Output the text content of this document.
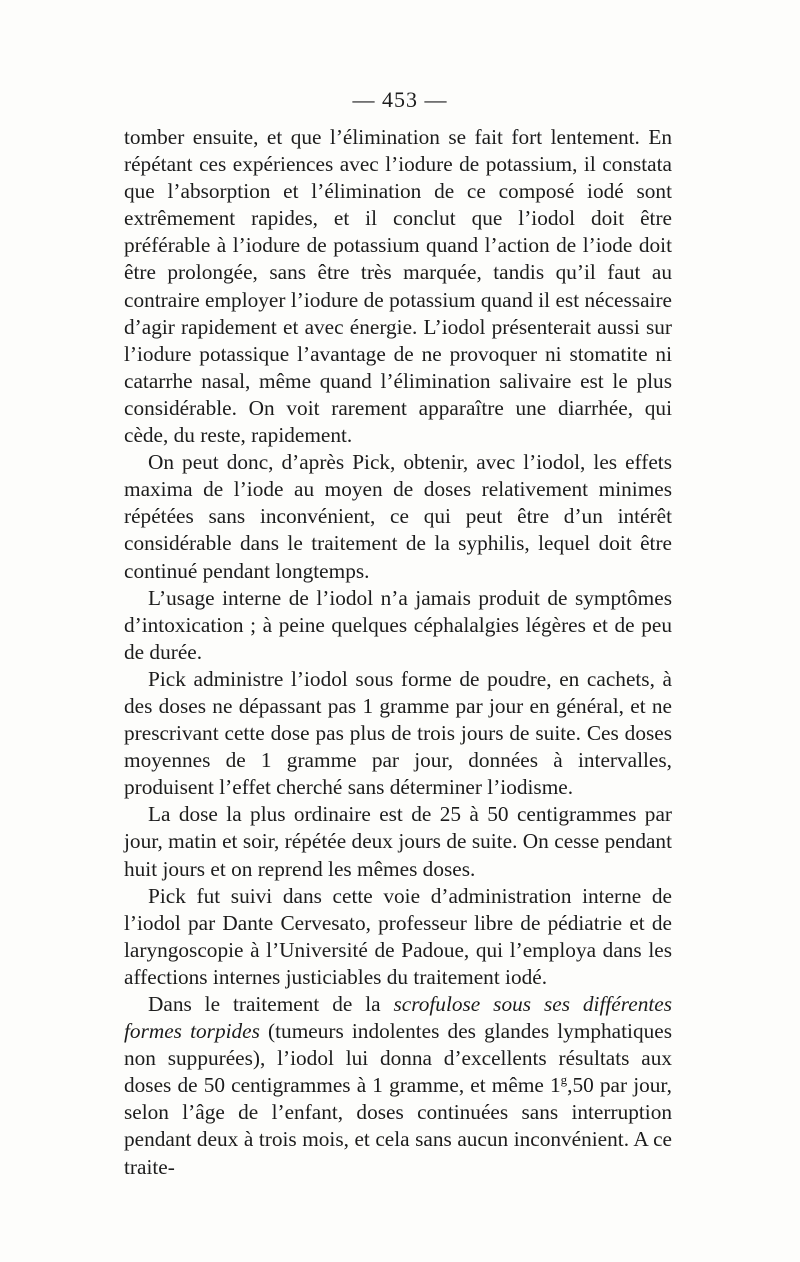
— 453 —

tomber ensuite, et que l’élimination se fait fort lentement. En répétant ces expériences avec l’iodure de potassium, il constata que l’absorption et l’élimination de ce composé iodé sont extrêmement rapides, et il conclut que l’iodol doit être préférable à l’iodure de potassium quand l’action de l’iode doit être prolongée, sans être très marquée, tandis qu’il faut au contraire employer l’iodure de potassium quand il est nécessaire d’agir rapidement et avec énergie. L’iodol présenterait aussi sur l’iodure potassique l’avantage de ne provoquer ni stomatite ni catarrhe nasal, même quand l’élimination salivaire est le plus considérable. On voit rarement apparaître une diarrhée, qui cède, du reste, rapidement.

On peut donc, d’après Pick, obtenir, avec l’iodol, les effets maxima de l’iode au moyen de doses relativement minimes répétées sans inconvénient, ce qui peut être d’un intérêt considérable dans le traitement de la syphilis, lequel doit être continué pendant longtemps.

L’usage interne de l’iodol n’a jamais produit de symptômes d’intoxication ; à peine quelques céphalalgies légères et de peu de durée.

Pick administre l’iodol sous forme de poudre, en cachets, à des doses ne dépassant pas 1 gramme par jour en général, et ne prescrivant cette dose pas plus de trois jours de suite. Ces doses moyennes de 1 gramme par jour, données à intervalles, produisent l’effet cherché sans déterminer l’iodisme.

La dose la plus ordinaire est de 25 à 50 centigrammes par jour, matin et soir, répétée deux jours de suite. On cesse pendant huit jours et on reprend les mêmes doses.

Pick fut suivi dans cette voie d’administration interne de l’iodol par Dante Cervesato, professeur libre de pédiatrie et de laryngoscopie à l’Université de Padoue, qui l’employa dans les affections internes justiciables du traitement iodé.

Dans le traitement de la scrofulose sous ses différentes formes torpides (tumeurs indolentes des glandes lymphatiques non suppurées), l’iodol lui donna d’excellents résultats aux doses de 50 centigrammes à 1 gramme, et même 1$^g$,50 par jour, selon l’âge de l’enfant, doses continuées sans interruption pendant deux à trois mois, et cela sans aucun inconvénient. A ce traite-
